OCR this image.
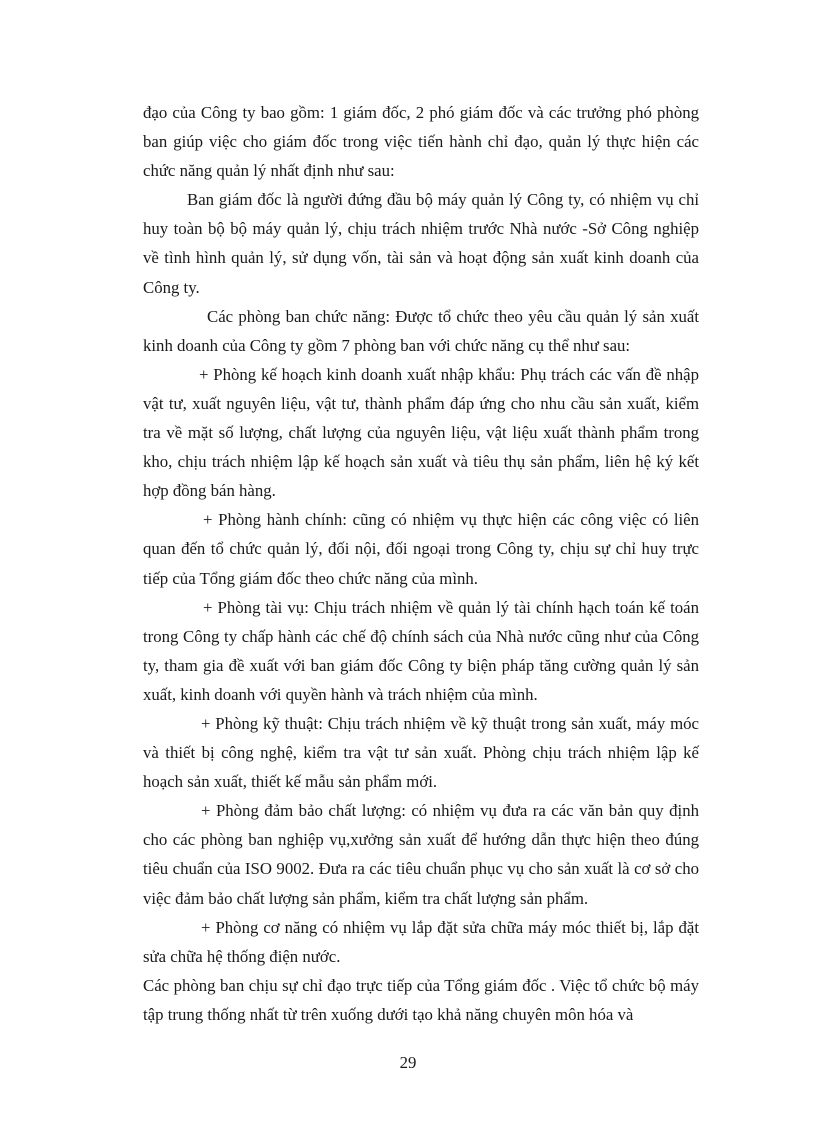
đạo của Công ty bao gồm: 1 giám đốc, 2 phó giám đốc và các trưởng phó phòng ban giúp việc cho giám đốc trong việc tiến hành chỉ đạo, quản lý thực hiện các chức năng quản lý nhất định như sau:

Ban giám đốc là người đứng đầu bộ máy quản lý Công ty, có nhiệm vụ chỉ huy toàn bộ bộ máy quản lý, chịu trách nhiệm trước Nhà nước -Sở Công nghiệp về tình hình quản lý, sử dụng vốn, tài sản và hoạt động sản xuất kinh doanh của Công ty.

Các phòng ban chức năng: Được tổ chức theo yêu cầu quản lý sản xuất kinh doanh của Công ty gồm 7 phòng ban với chức năng cụ thể như sau:

+ Phòng kế hoạch kinh doanh xuất nhập khẩu: Phụ trách các vấn đề nhập vật tư, xuất nguyên liệu, vật tư, thành phẩm đáp ứng cho nhu cầu sản xuất, kiểm tra về mặt số lượng, chất lượng của nguyên liệu, vật liệu xuất thành phẩm trong kho, chịu trách nhiệm lập kế hoạch sản xuất và tiêu thụ sản phẩm, liên hệ ký kết hợp đồng bán hàng.

+ Phòng hành chính: cũng có nhiệm vụ thực hiện các công việc có liên quan đến tổ chức quản lý, đối nội, đối ngoại trong Công ty, chịu sự chỉ huy trực tiếp của Tổng giám đốc theo chức năng của mình.

+ Phòng tài vụ: Chịu trách nhiệm về quản lý tài chính hạch toán kế toán trong Công ty chấp hành các chế độ chính sách của Nhà nước cũng như của Công ty, tham gia đề xuất với ban giám đốc Công ty biện pháp tăng cường quản lý sản xuất, kinh doanh với quyền hành và trách nhiệm của mình.

+ Phòng kỹ thuật: Chịu trách nhiệm về kỹ thuật trong sản xuất, máy móc và thiết bị công nghệ, kiểm tra vật tư sản xuất. Phòng chịu trách nhiệm lập kế hoạch sản xuất, thiết kế mẫu sản phẩm mới.

+ Phòng đảm bảo chất lượng: có nhiệm vụ đưa ra các văn bản quy định cho các phòng ban nghiệp vụ,xưởng sản xuất để hướng dẫn thực hiện theo đúng tiêu chuẩn của ISO 9002. Đưa ra các tiêu chuẩn phục vụ cho sản xuất là cơ sở cho việc đảm bảo chất lượng sản phẩm, kiểm tra chất lượng sản phẩm.

+ Phòng cơ năng có nhiệm vụ lắp đặt sửa chữa máy móc thiết bị, lắp đặt sửa chữa hệ thống điện nước.

Các phòng ban chịu sự chỉ đạo trực tiếp của Tổng giám đốc . Việc tổ chức bộ máy tập trung thống nhất từ trên xuống dưới tạo khả năng chuyên môn hóa và

29
